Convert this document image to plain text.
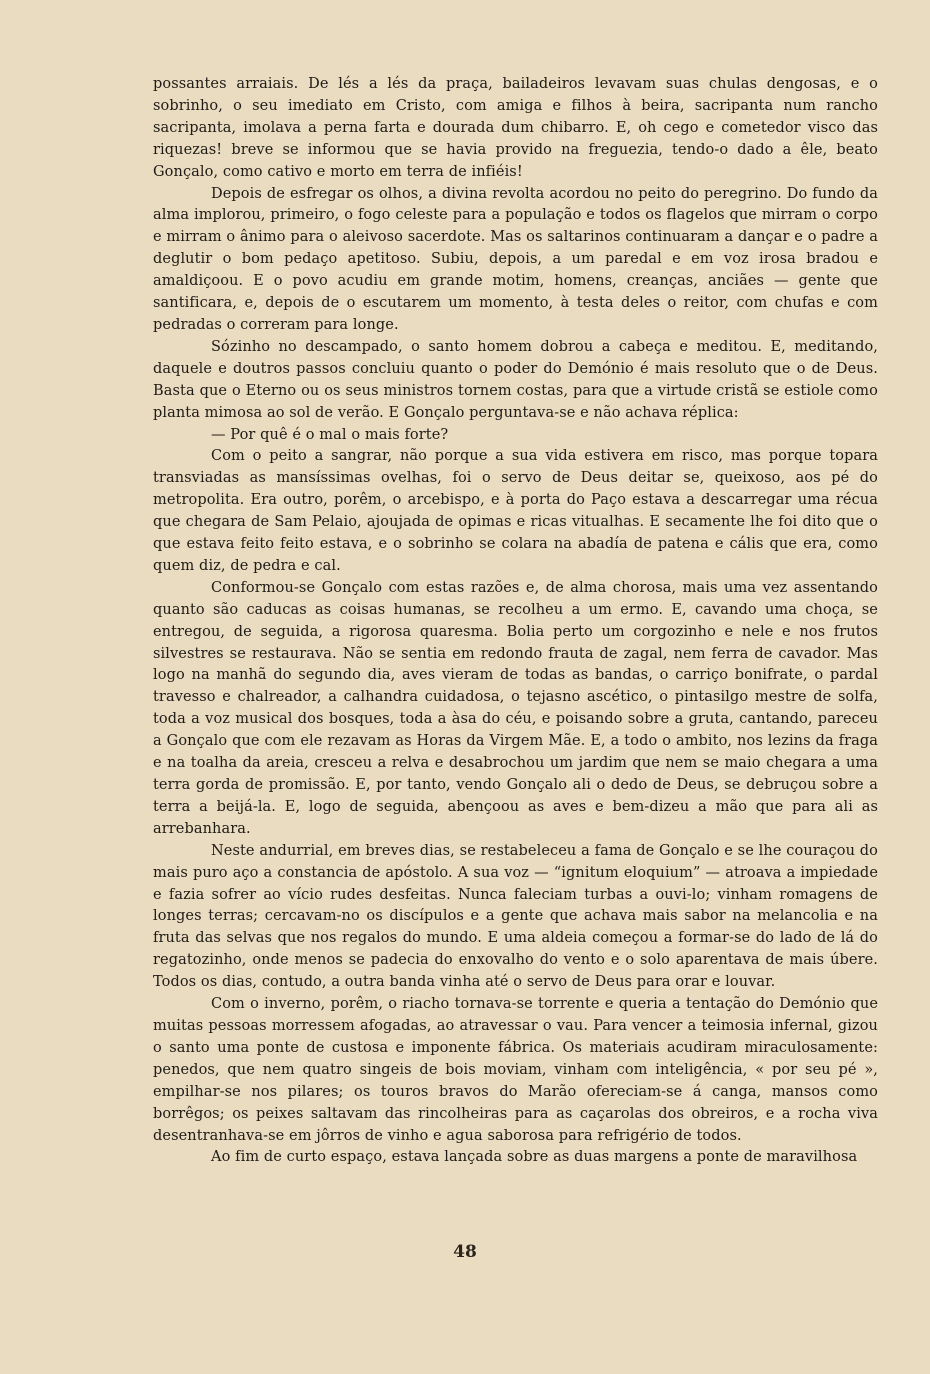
possantes arraiais. De lés a lés da praça, bailadeiros levavam suas chulas dengosas, e o sobrinho, o seu imediato em Cristo, com amiga e filhos à beira, sacripanta num rancho sacripanta, imolava a perna farta e dourada dum chibarro. E, oh cego e cometedor visco das riquezas! breve se informou que se havia provido na freguezia, tendo-o dado a êle, beato Gonçalo, como cativo e morto em terra de infiéis!

Depois de esfregar os olhos, a divina revolta acordou no peito do peregrino. Do fundo da alma implorou, primeiro, o fogo celeste para a população e todos os flagelos que mirram o corpo e mirram o ânimo para o aleivoso sacerdote. Mas os saltarinos continuaram a dançar e o padre a deglutir o bom pedaço apetitoso. Subiu, depois, a um paredal e em voz irosa bradou e amaldiçoou. E o povo acudiu em grande motim, homens, creanças, anciães — gente que santificara, e, depois de o escutarem um momento, à testa deles o reitor, com chufas e com pedradas o correram para longe.

Sózinho no descampado, o santo homem dobrou a cabeça e meditou. E, meditando, daquele e doutros passos concluiu quanto o poder do Demónio é mais resoluto que o de Deus. Basta que o Eterno ou os seus ministros tornem costas, para que a virtude cristã se estiole como planta mimosa ao sol de verão. E Gonçalo perguntava-se e não achava réplica:

— Por quê é o mal o mais forte?

Com o peito a sangrar, não porque a sua vida estivera em risco, mas porque topara transviadas as mansíssimas ovelhas, foi o servo de Deus deitar se, queixoso, aos pé do metropolita. Era outro, porêm, o arcebispo, e à porta do Paço estava a descarregar uma récua que chegara de Sam Pelaio, ajoujada de opimas e ricas vitualhas. E secamente lhe foi dito que o que estava feito feito estava, e o sobrinho se colara na abadía de patena e cális que era, como quem diz, de pedra e cal.

Conformou-se Gonçalo com estas razões e, de alma chorosa, mais uma vez assentando quanto são caducas as coisas humanas, se recolheu a um ermo. E, cavando uma choça, se entregou, de seguida, a rigorosa quaresma. Bolia perto um corgozinho e nele e nos frutos silvestres se restaurava. Não se sentia em redondo frauta de zagal, nem ferra de cavador. Mas logo na manhã do segundo dia, aves vieram de todas as bandas, o carriço bonifrate, o pardal travesso e chalreador, a calhandra cuidadosa, o tejasno ascético, o pintasilgo mestre de solfa, toda a voz musical dos bosques, toda a àsa do céu, e poisando sobre a gruta, cantando, pareceu a Gonçalo que com ele rezavam as Horas da Virgem Mãe. E, a todo o ambito, nos lezins da fraga e na toalha da areia, cresceu a relva e desabrochou um jardim que nem se maio chegara a uma terra gorda de promissão. E, por tanto, vendo Gonçalo ali o dedo de Deus, se debruçou sobre a terra a beijá-la. E, logo de seguida, abençoou as aves e bem-dizeu a mão que para ali as arrebanhara.

Neste andurrial, em breves dias, se restabeleceu a fama de Gonçalo e se lhe couraçou do mais puro aço a constancia de apóstolo. A sua voz — “ignitum eloquium” — atroava a impiedade e fazia sofrer ao vício rudes desfeitas. Nunca faleciam turbas a ouvi-lo; vinham romagens de longes terras; cercavam-no os discípulos e a gente que achava mais sabor na melancolia e na fruta das selvas que nos regalos do mundo. E uma aldeia começou a formar-se do lado de lá do regatozinho, onde menos se padecia do enxovalho do vento e o solo aparentava de mais úbere. Todos os dias, contudo, a outra banda vinha até o servo de Deus para orar e louvar.

Com o inverno, porêm, o riacho tornava-se torrente e queria a tentação do Demónio que muitas pessoas morressem afogadas, ao atravessar o vau. Para vencer a teimosia infernal, gizou o santo uma ponte de custosa e imponente fábrica. Os materiais acudiram miraculosamente: penedos, que nem quatro singeis de bois moviam, vinham com inteligência, « por seu pé », empilhar-se nos pilares; os touros bravos do Marão ofereciam-se á canga, mansos como borrêgos; os peixes saltavam das rincolheiras para as caçarolas dos obreiros, e a rocha viva desentranhava-se em jôrros de vinho e agua saborosa para refrigério de todos.

Ao fim de curto espaço, estava lançada sobre as duas margens a ponte de maravilhosa

48
